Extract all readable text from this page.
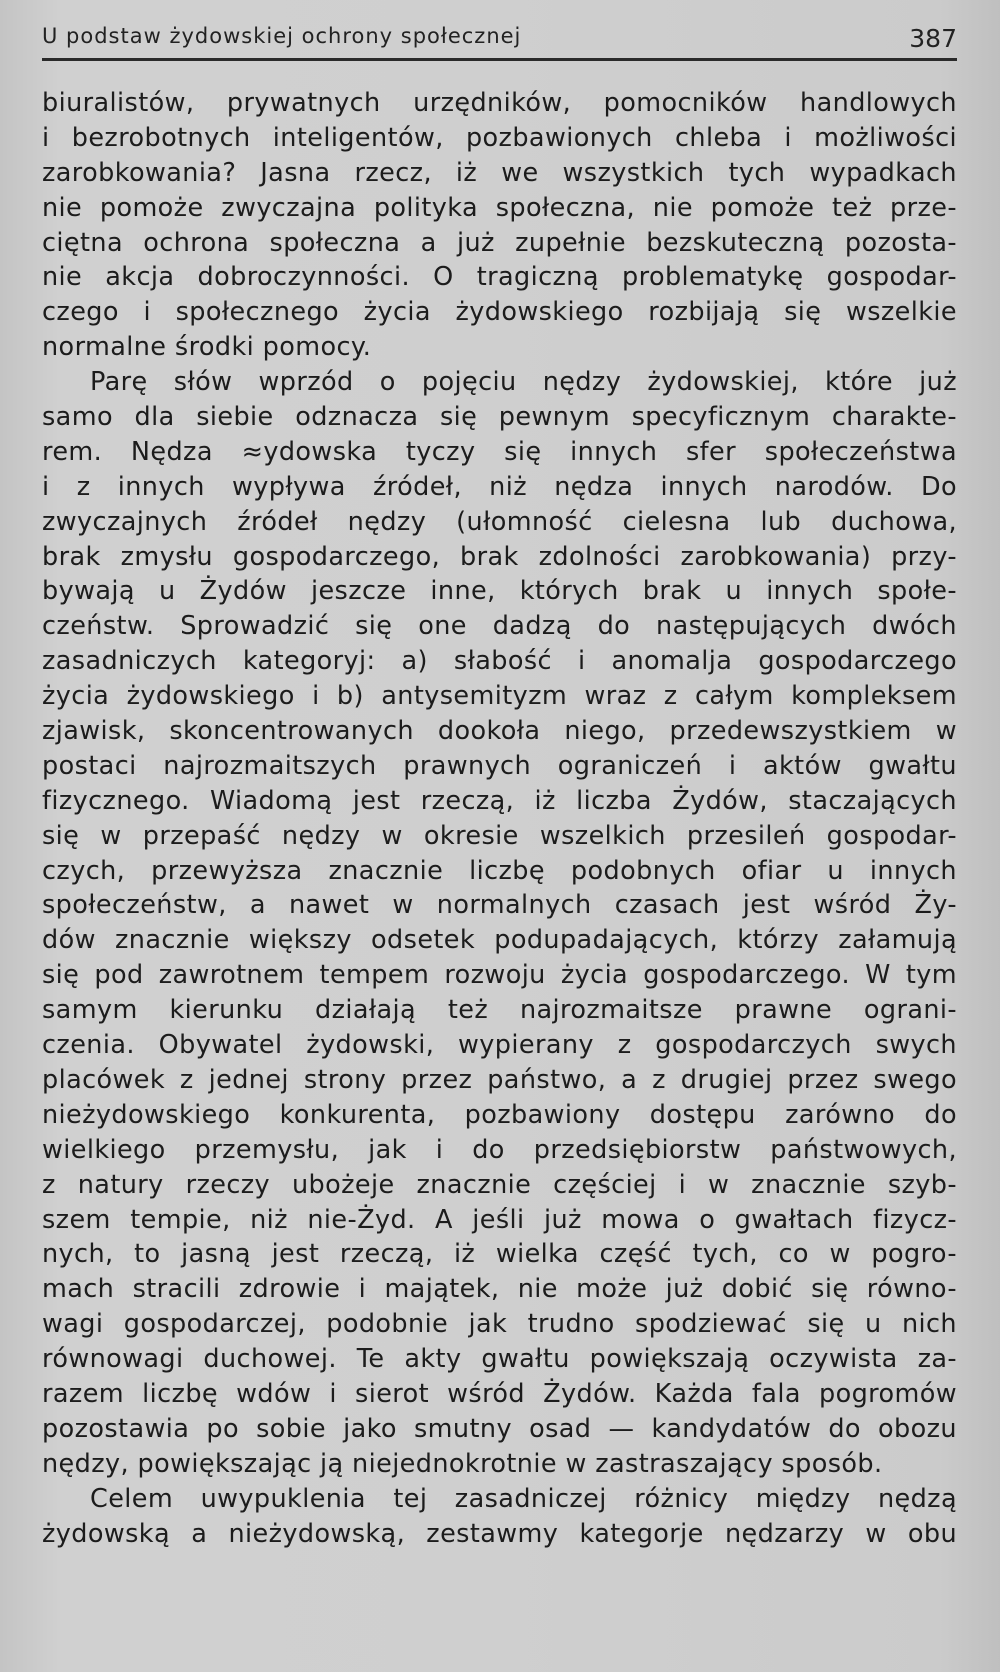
U podstaw żydowskiej ochrony społecznej	387
biuralistów, prywatnych urzędników, pomocników handlowych
i bezrobotnych inteligentów, pozbawionych chleba i możliwości
zarobkowania? Jasna rzecz, iż we wszystkich tych wypadkach
nie pomoże zwyczajna polityka społeczna, nie pomoże też prze-
ciętna ochrona społeczna a już zupełnie bezskuteczną pozosta-
nie akcja dobroczynności. O tragiczną problematykę gospodar-
czego i społecznego życia żydowskiego rozbijają się wszelkie
normalne środki pomocy.
Parę słów wprzód o pojęciu nędzy żydowskiej, które już
samo dla siebie odznacza się pewnym specyficznym charakte-
rem. Nędza ≈ydowska tyczy się innych sfer społeczeństwa
i z innych wypływa źródeł, niż nędza innych narodów. Do
zwyczajnych źródeł nędzy (ułomność cielesna lub duchowa,
brak zmysłu gospodarczego, brak zdolności zarobkowania) przy-
bywają u Żydów jeszcze inne, których brak u innych społe-
czeństw. Sprowadzić się one dadzą do następujących dwóch
zasadniczych kategoryj: a) słabość i anomalja gospodarczego
życia żydowskiego i b) antysemityzm wraz z całym kompleksem
zjawisk, skoncentrowanych dookoła niego, przedewszystkiem w
postaci najrozmaitszych prawnych ograniczeń i aktów gwałtu
fizycznego. Wiadomą jest rzeczą, iż liczba Żydów, staczających
się w przepaść nędzy w okresie wszelkich przesileń gospodar-
czych, przewyższa znacznie liczbę podobnych ofiar u innych
społeczeństw, a nawet w normalnych czasach jest wśród Ży-
dów znacznie większy odsetek podupadających, którzy załamują
się pod zawrotnem tempem rozwoju życia gospodarczego. W tym
samym kierunku działają też najrozmaitsze prawne ograni-
czenia. Obywatel żydowski, wypierany z gospodarczych swych
placówek z jednej strony przez państwo, a z drugiej przez swego
nieżydowskiego konkurenta, pozbawiony dostępu zarówno do
wielkiego przemysłu, jak i do przedsiębiorstw państwowych,
z natury rzeczy ubożeje znacznie częściej i w znacznie szyb-
szem tempie, niż nie-Żyd. A jeśli już mowa o gwałtach fizycz-
nych, to jasną jest rzeczą, iż wielka część tych, co w pogro-
mach stracili zdrowie i majątek, nie może już dobić się równo-
wagi gospodarczej, podobnie jak trudno spodziewać się u nich
równowagi duchowej. Te akty gwałtu powiększają oczywista za-
razem liczbę wdów i sierot wśród Żydów. Każda fala pogromów
pozostawia po sobie jako smutny osad — kandydatów do obozu
nędzy, powiększając ją niejednokrotnie w zastraszający sposób.
Celem uwypuklenia tej zasadniczej różnicy między nędzą
żydowską a nieżydowską, zestawmy kategorje nędzarzy w obu
